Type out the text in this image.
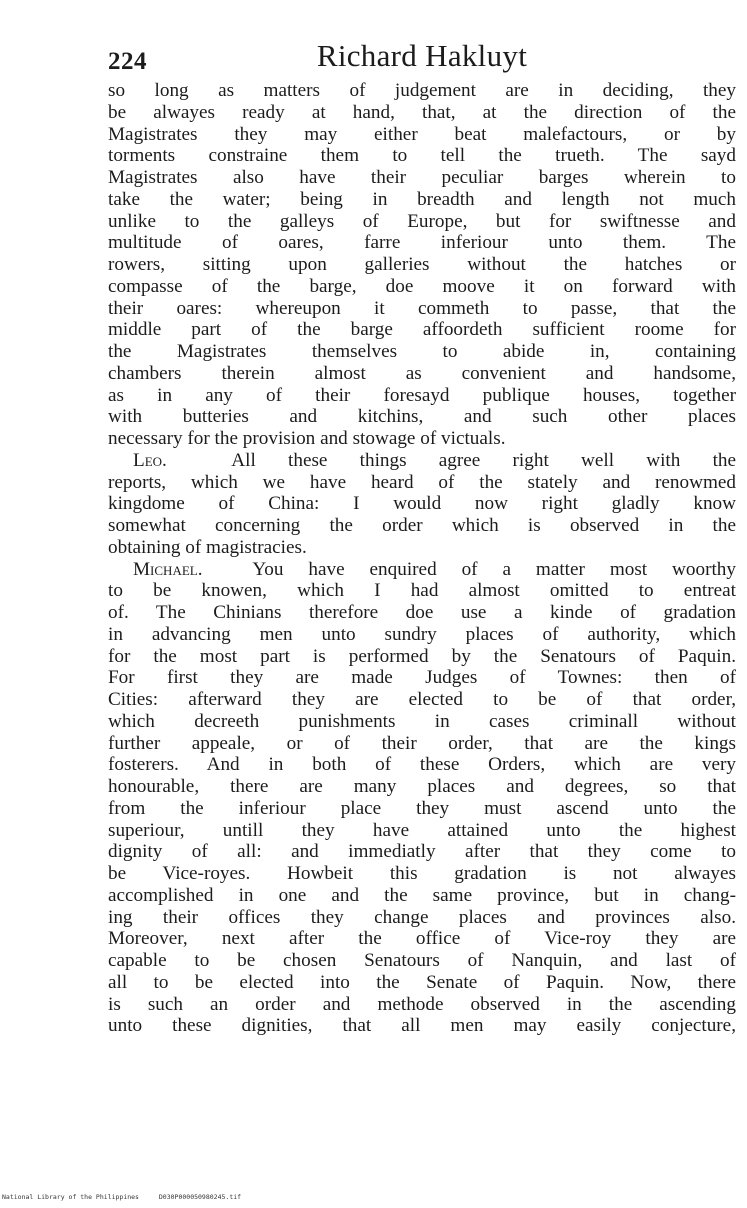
224	Richard Hakluyt
so long as matters of judgement are in deciding, they
be alwayes ready at hand, that, at the direction of the
Magistrates they may either beat malefactours, or by
torments constraine them to tell the trueth. The sayd
Magistrates also have their peculiar barges wherein to
take the water; being in breadth and length not much
unlike to the galleys of Europe, but for swiftnesse and
multitude of oares, farre inferiour unto them. The
rowers, sitting upon galleries without the hatches or
compasse of the barge, doe moove it on forward with
their oares: whereupon it commeth to passe, that the
middle part of the barge affoordeth sufficient roome for
the Magistrates themselves to abide in, containing
chambers therein almost as convenient and handsome,
as in any of their foresayd publique houses, together
with butteries and kitchins, and such other places
necessary for the provision and stowage of victuals.
Leo.	All these things agree right well with the
reports, which we have heard of the stately and renowmed
kingdome of China: I would now right gladly know
somewhat concerning the order which is observed in the
obtaining of magistracies.
Michael.	You have enquired of a matter most woorthy
to be knowen, which I had almost omitted to entreat
of. The Chinians therefore doe use a kinde of gradation
in advancing men unto sundry places of authority, which
for the most part is performed by the Senatours of Paquin.
For first they are made Judges of Townes: then of
Cities: afterward they are elected to be of that order,
which decreeth punishments in cases criminall without
further appeale, or of their order, that are the kings
fosterers. And in both of these Orders, which are very
honourable, there are many places and degrees, so that
from the inferiour place they must ascend unto the
superiour, untill they have attained unto the highest
dignity of all: and immediatly after that they come to
be Vice-royes. Howbeit this gradation is not alwayes
accomplished in one and the same province, but in chang-
ing their offices they change places and provinces also.
Moreover, next after the office of Vice-roy they are
capable to be chosen Senatours of Nanquin, and last of
all to be elected into the Senate of Paquin. Now, there
is such an order and methode observed in the ascending
unto these dignities, that all men may easily conjecture,
National Library of the Philippines	D030P000050980245.tif
